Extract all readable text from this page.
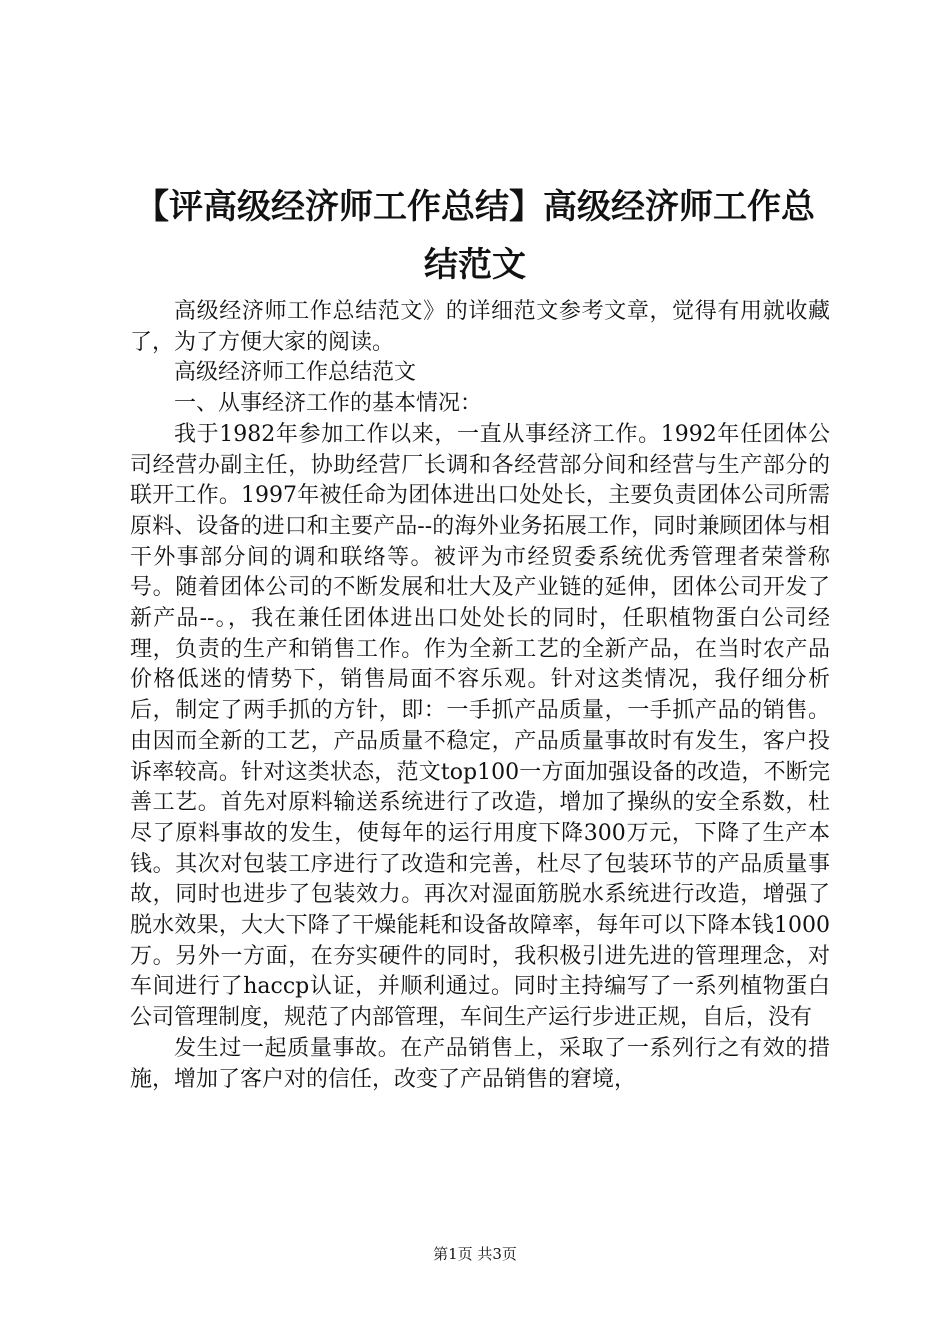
【评高级经济师工作总结】高级经济师工作总结范文

高级经济师工作总结范文》的详细范文参考文章，觉得有用就收藏了，为了方便大家的阅读。

高级经济师工作总结范文

一、从事经济工作的基本情况：

我于1982年参加工作以来，一直从事经济工作。1992年任团体公司经营办副主任，协助经营厂长调和各经营部分间和经营与生产部分的联开工作。1997年被任命为团体进出口处处长，主要负责团体公司所需原料、设备的进口和主要产品--的海外业务拓展工作，同时兼顾团体与相干外事部分间的调和联络等。被评为市经贸委系统优秀管理者荣誉称号。随着团体公司的不断发展和壮大及产业链的延伸，团体公司开发了新产品--。，我在兼任团体进出口处处长的同时，任职植物蛋白公司经理，负责的生产和销售工作。作为全新工艺的全新产品，在当时农产品价格低迷的情势下，销售局面不容乐观。针对这类情况，我仔细分析后，制定了两手抓的方针，即：一手抓产品质量，一手抓产品的销售。由因而全新的工艺，产品质量不稳定，产品质量事故时有发生，客户投诉率较高。针对这类状态，范文top100一方面加强设备的改造，不断完善工艺。首先对原料输送系统进行了改造，增加了操纵的安全系数，杜尽了原料事故的发生，使每年的运行用度下降300万元，下降了生产本钱。其次对包装工序进行了改造和完善，杜尽了包装环节的产品质量事故，同时也进步了包装效力。再次对湿面筋脱水系统进行改造，增强了脱水效果，大大下降了干燥能耗和设备故障率，每年可以下降本钱1000万。另外一方面，在夯实硬件的同时，我积极引进先进的管理理念，对车间进行了haccp认证，并顺利通过。同时主持编写了一系列植物蛋白公司管理制度，规范了内部管理，车间生产运行步进正规，自后，没有

发生过一起质量事故。在产品销售上，采取了一系列行之有效的措施，增加了客户对的信任，改变了产品销售的窘境，

第1页 共3页
